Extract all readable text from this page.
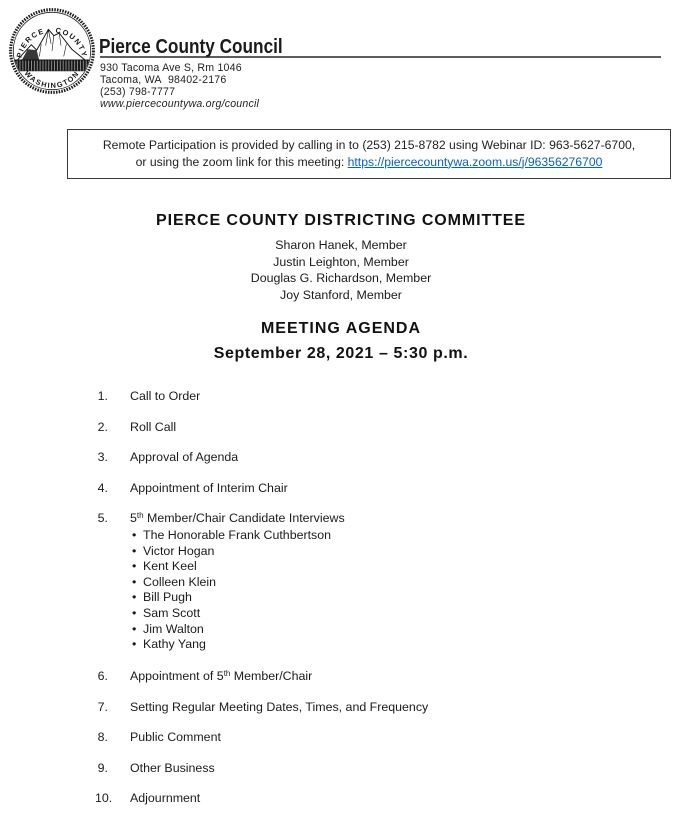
PIERCE COUNTY
WASHINGTON
Pierce County Council
930 Tacoma Ave S, Rm 1046
Tacoma, WA  98402-2176
(253) 798-7777
www.piercecountywa.org/council
Remote Participation is provided by calling in to (253) 215-8782 using Webinar ID: 963-5627-6700,
or using the zoom link for this meeting: https://piercecountywa.zoom.us/j/96356276700
PIERCE COUNTY DISTRICTING COMMITTEE
Sharon Hanek, Member
Justin Leighton, Member
Douglas G. Richardson, Member
Joy Stanford, Member
MEETING AGENDA
September 28, 2021 – 5:30 p.m.
1. Call to Order
2. Roll Call
3. Approval of Agenda
4. Appointment of Interim Chair
5. 5th Member/Chair Candidate Interviews
• The Honorable Frank Cuthbertson
• Victor Hogan
• Kent Keel
• Colleen Klein
• Bill Pugh
• Sam Scott
• Jim Walton
• Kathy Yang
6. Appointment of 5th Member/Chair
7. Setting Regular Meeting Dates, Times, and Frequency
8. Public Comment
9. Other Business
10. Adjournment
